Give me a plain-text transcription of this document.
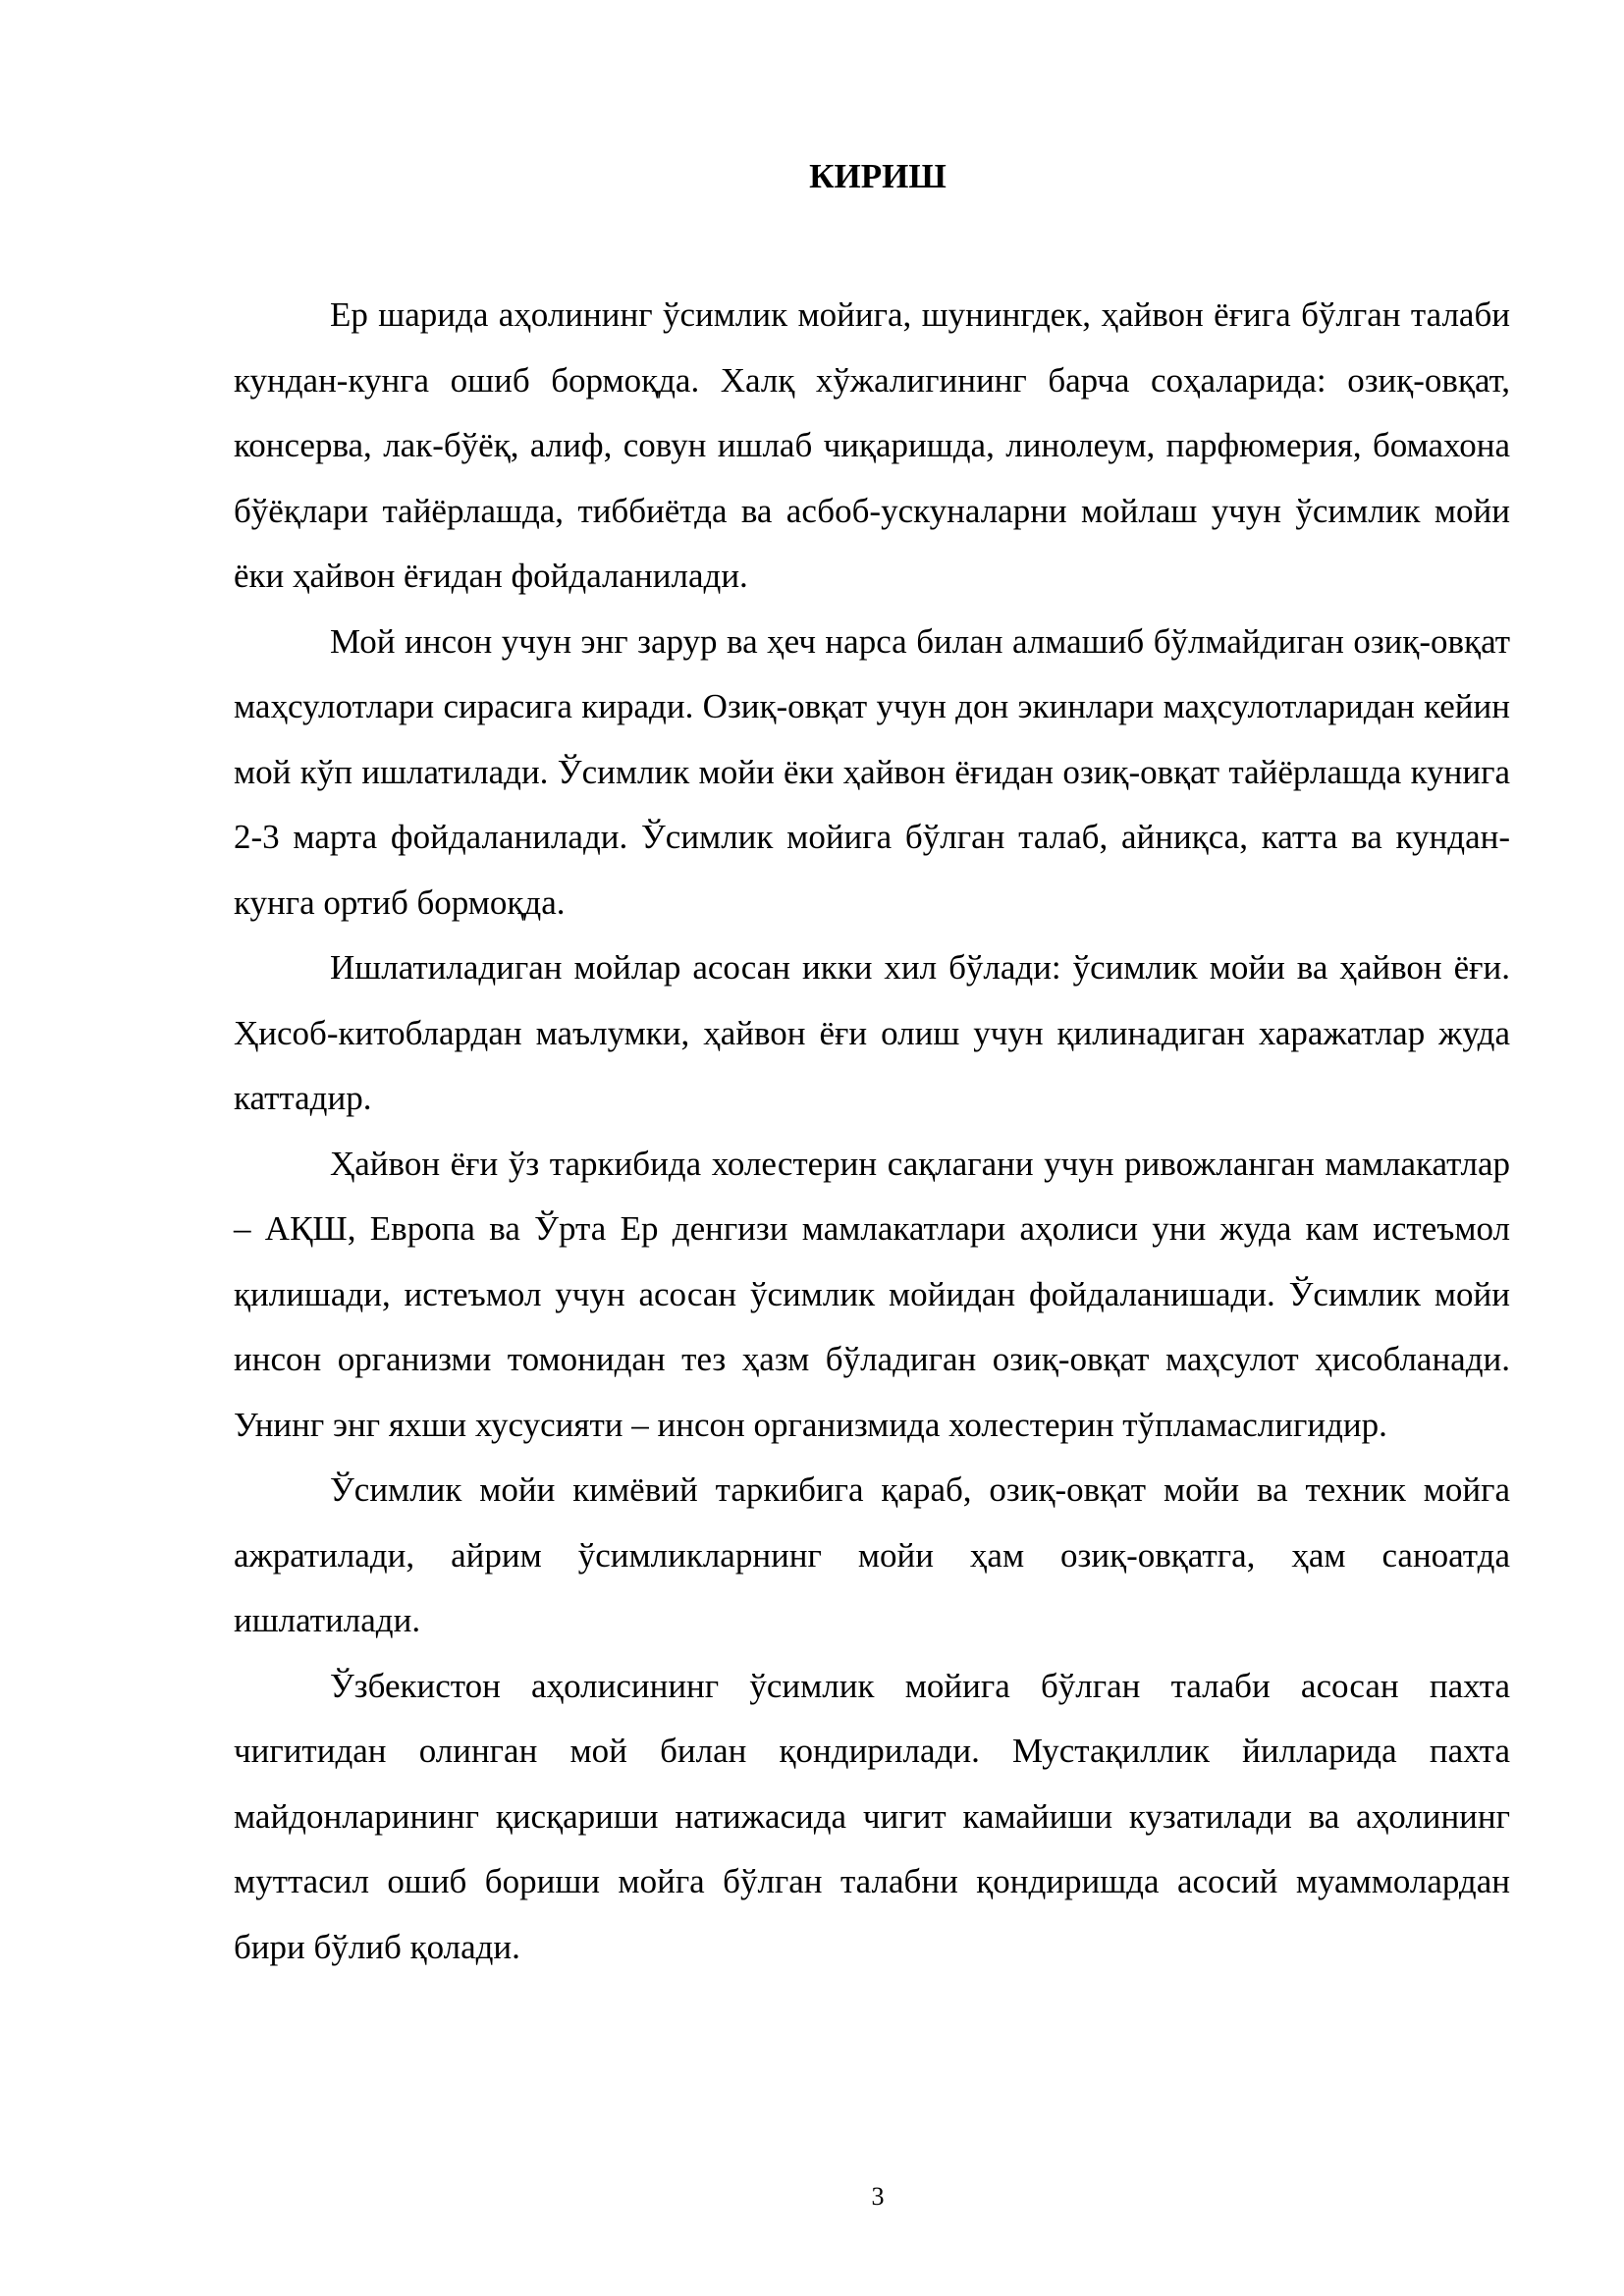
КИРИШ

Ер шарида аҳолининг ўсимлик мойига, шунингдек, ҳайвон ёғига бўлган талаби кундан-кунга ошиб бормоқда. Халқ хўжалигининг барча соҳаларида: озиқ-овқат, консерва, лак-бўёқ, алиф, совун ишлаб чиқаришда, линолеум, парфюмерия, бомахона бўёқлари тайёрлашда, тиббиётда ва асбоб-ускуналарни мойлаш учун ўсимлик мойи ёки ҳайвон ёғидан фойдаланилади.

Мой инсон учун энг зарур ва ҳеч нарса билан алмашиб бўлмайдиган озиқ-овқат маҳсулотлари сирасига киради. Озиқ-овқат учун дон экинлари маҳсулотларидан кейин мой кўп ишлатилади. Ўсимлик мойи ёки ҳайвон ёғидан озиқ-овқат тайёрлашда кунига 2-3 марта фойдаланилади. Ўсимлик мойига бўлган талаб, айниқса, катта ва кундан-кунга ортиб бормоқда.

Ишлатиладиган мойлар асосан икки хил бўлади: ўсимлик мойи ва ҳайвон ёғи. Ҳисоб-китоблардан маълумки, ҳайвон ёғи олиш учун қилинадиган харажатлар жуда каттадир.

Ҳайвон ёғи ўз таркибида холестерин сақлагани учун ривожланган мамлакатлар – АҚШ, Европа ва Ўрта Ер денгизи мамлакатлари аҳолиси уни жуда кам истеъмол қилишади, истеъмол учун асосан ўсимлик мойидан фойдаланишади. Ўсимлик мойи инсон организми томонидан тез ҳазм бўладиган озиқ-овқат маҳсулот ҳисобланади. Унинг энг яхши хусусияти – инсон организмида холестерин тўпламаслигидир.

Ўсимлик мойи кимёвий таркибига қараб, озиқ-овқат мойи ва техник мойга ажратилади, айрим ўсимликларнинг мойи ҳам озиқ-овқатга, ҳам саноатда ишлатилади.

Ўзбекистон аҳолисининг ўсимлик мойига бўлган талаби асосан пахта чигитидан олинган мой билан қондирилади. Мустақиллик йилларида пахта майдонларининг қисқариши натижасида чигит камайиши кузатилади ва аҳолининг муттасил ошиб бориши мойга бўлган талабни қондиришда асосий муаммолардан бири бўлиб қолади.

3
